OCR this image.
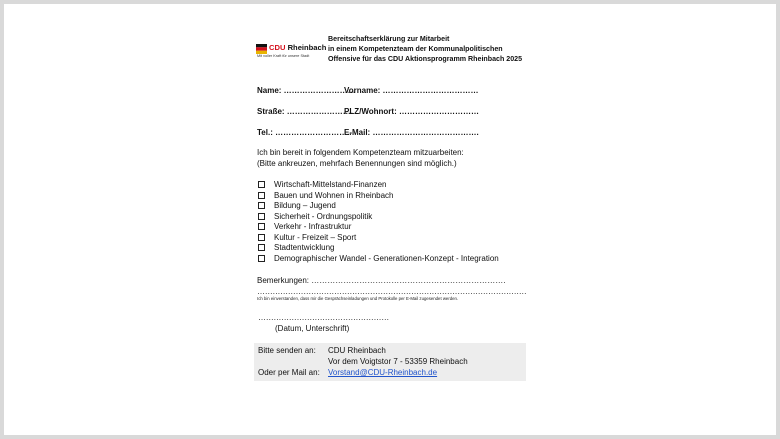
CDU Rheinbach
Mit voller Kraft für unsere Stadt
Bereitschaftserklärung zur Mitarbeit
in einem Kompetenzteam der Kommunalpolitischen
Offensive für das CDU Aktionsprogramm Rheinbach 2025
Name: ………………………
Vorname: ………………………………
Straße: …………………….
PLZ/Wohnort: …………………………
Tel.: ………………………..
E-Mail: ………………………………….
Ich bin bereit in folgendem Kompetenzteam mitzuarbeiten:
(Bitte ankreuzen, mehrfach Benennungen sind möglich.)
Wirtschaft-Mittelstand-Finanzen
Bauen und Wohnen in Rheinbach
Bildung – Jugend
Sicherheit - Ordnungspolitik
Verkehr - Infrastruktur
Kultur - Freizeit – Sport
Stadtentwicklung
Demographischer Wandel - Generationen-Konzept - Integration
Bemerkungen: ……………………………………………………………….
……………………………………………………………………………………………
Ich bin einverstanden, dass mir die Gesprächseinladungen und Protokolle per E-Mail zugesendet werden.
……………………………………………
(Datum, Unterschrift)
Bitte senden an: CDU Rheinbach
Vor dem Voigtstor 7 - 53359 Rheinbach
Oder per Mail an: Vorstand@CDU-Rheinbach.de
